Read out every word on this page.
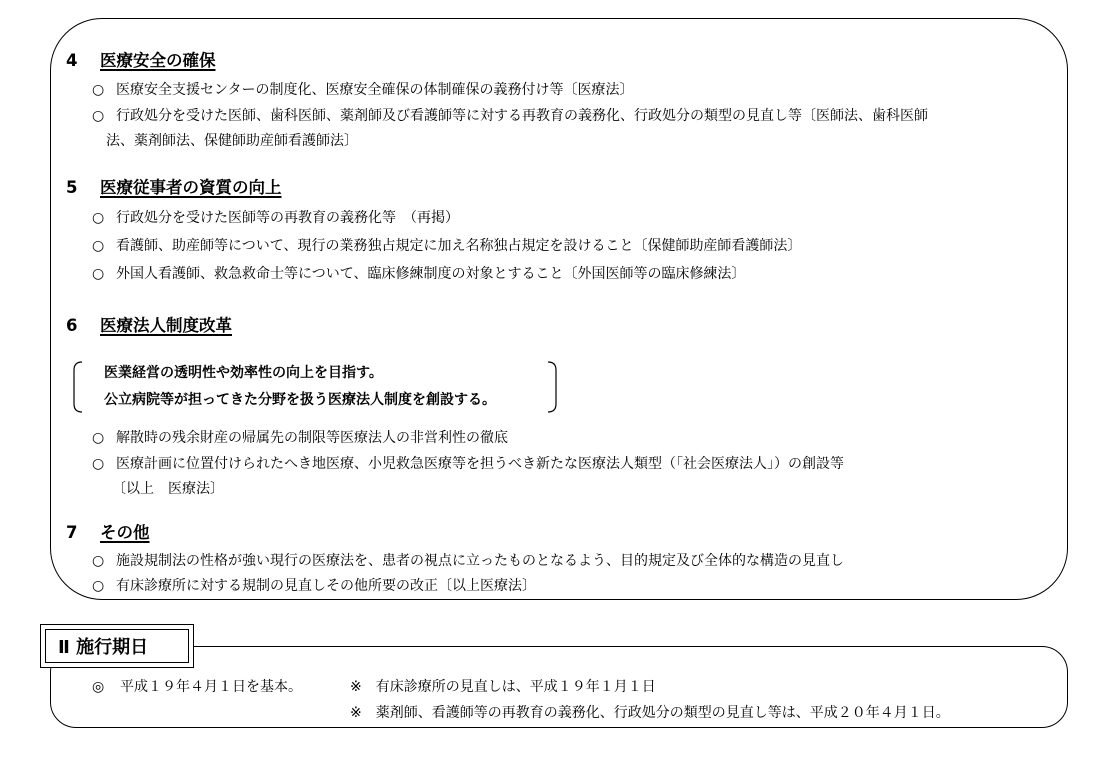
4 医療安全の確保
○ 医療安全支援センターの制度化、医療安全確保の体制確保の義務付け等〔医療法〕
○ 行政処分を受けた医師、歯科医師、薬剤師及び看護師等に対する再教育の義務化、行政処分の類型の見直し等〔医師法、歯科医師
法、薬剤師法、保健師助産師看護師法〕
5 医療従事者の資質の向上
○ 行政処分を受けた医師等の再教育の義務化等　（再掲）
○ 看護師、助産師等について、現行の業務独占規定に加え名称独占規定を設けること〔保健師助産師看護師法〕
○ 外国人看護師、救急救命士等について、臨床修練制度の対象とすること〔外国医師等の臨床修練法〕
6 医療法人制度改革
医業経営の透明性や効率性の向上を目指す。
公立病院等が担ってきた分野を扱う医療法人制度を創設する。
○ 解散時の残余財産の帰属先の制限等医療法人の非営利性の徹底
○ 医療計画に位置付けられたへき地医療、小児救急医療等を担うべき新たな医療法人類型（「社会医療法人」）の創設等
〔以上　医療法〕
7 その他
○ 施設規制法の性格が強い現行の医療法を、患者の視点に立ったものとなるよう、目的規定及び全体的な構造の見直し
○ 有床診療所に対する規制の見直しその他所要の改正〔以上医療法〕
Ⅱ 施行期日
◎ 平成１９年４月１日を基本。	※　有床診療所の見直しは、平成１９年１月１日
※　薬剤師、看護師等の再教育の義務化、行政処分の類型の見直し等は、平成２０年４月１日。
